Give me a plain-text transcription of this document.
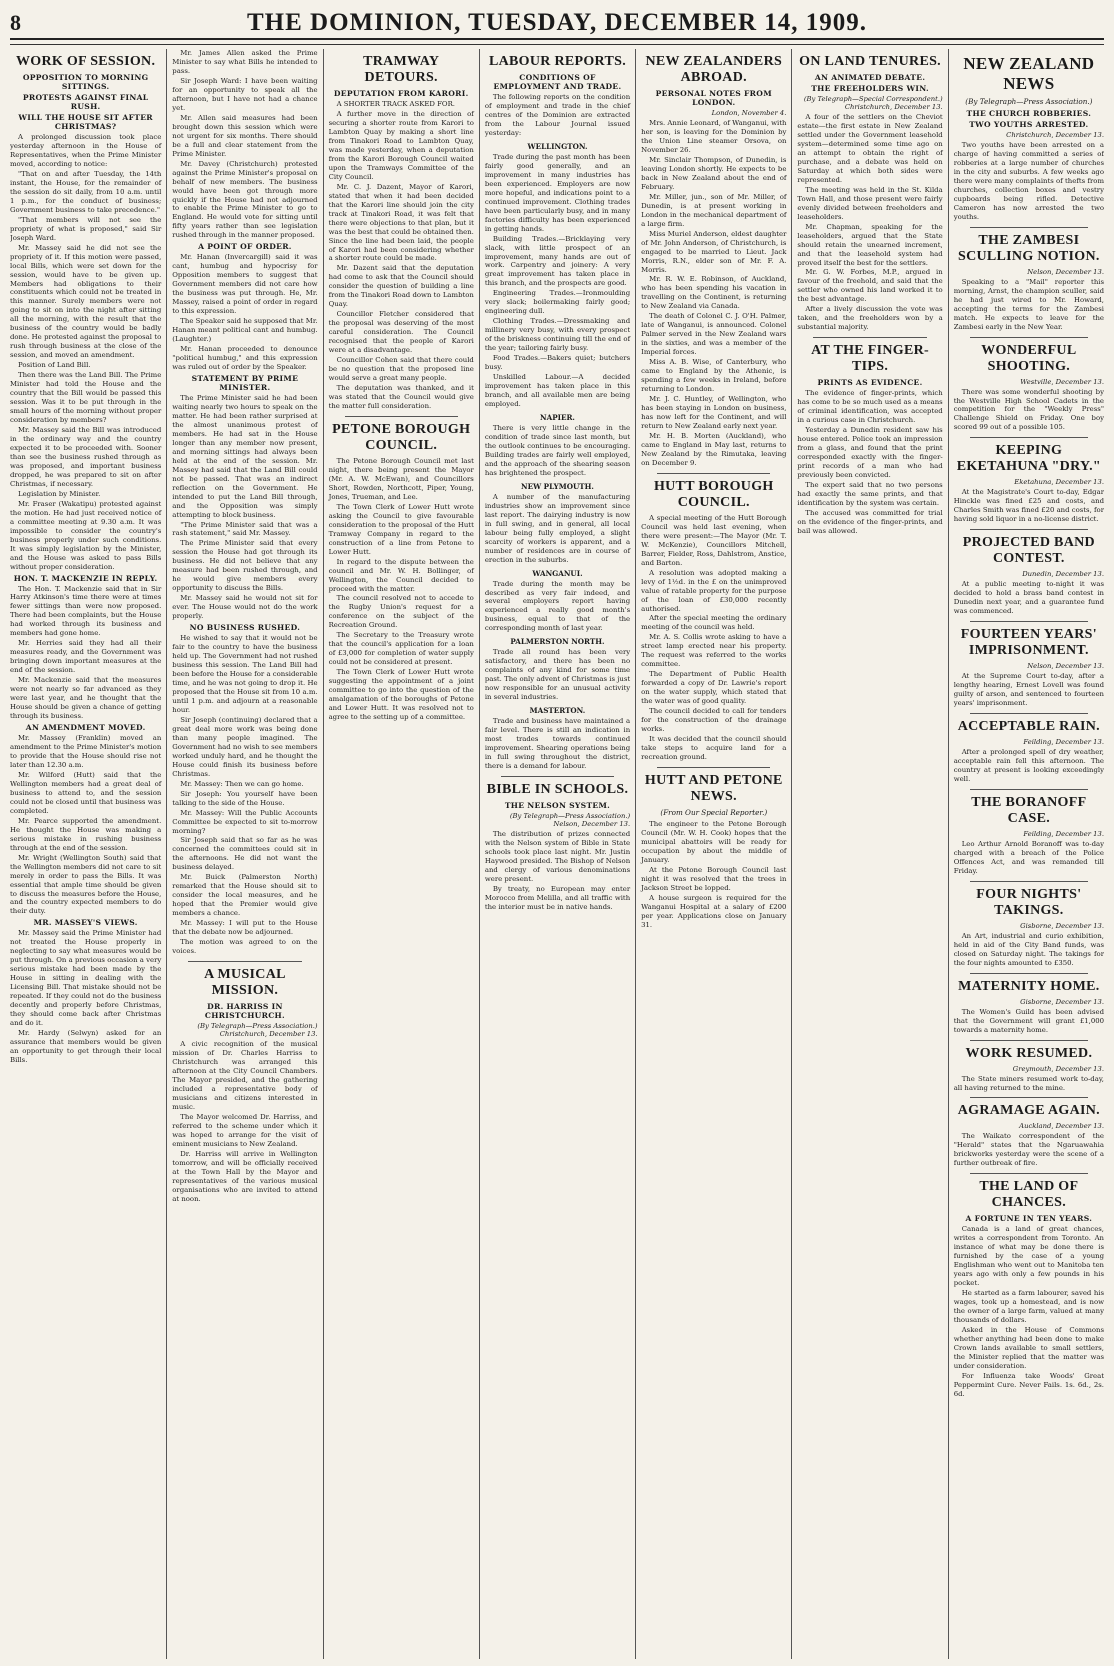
8	THE DOMINION, TUESDAY, DECEMBER 14, 1909.
WORK OF SESSION.
OPPOSITION TO MORNING SITTINGS.
PROTESTS AGAINST FINAL RUSH.
WILL THE HOUSE SIT AFTER CHRISTMAS?

A prolonged discussion took place yesterday afternoon in the House of Representatives, when the Prime Minister moved, according to notice:

"That on and after Tuesday, the 14th instant, the House, for the remainder of the session do sit daily, from 10 a.m. until 1 p.m., for the conduct of business; Government business to take precedence."

"That members will not see the propriety of what is proposed," said Sir Joseph Ward.

Mr. Massey said he did not see the propriety of it. If this motion were passed, local Bills, which were set down for the session, would have to be given up. Members had obligations to their constituents which could not be treated in this manner. Surely members were not going to sit on into the night after sitting all the morning, with the result that the business of the country would be badly done. He protested against the proposal to rush through business at the close of the session, and moved an amendment.

Position of Land Bill.

Then there was the Land Bill. The Prime Minister had told the House and the country that the Bill would be passed this session. Was it to be put through in the small hours of the morning without proper consideration by members?

Mr. Massey said the Bill was introduced in the ordinary way and the country expected it to be proceeded with. Sooner than see the business rushed through as was proposed, and important business dropped, he was prepared to sit on after Christmas, if necessary.

Legislation by Minister.

Mr. Fraser (Wakatipu) protested against the motion. He had just received notice of a committee meeting at 9.30 a.m. It was impossible to consider the country's business properly under such conditions. It was simply legislation by the Minister, and the House was asked to pass Bills without proper consideration.

HON. T. MACKENZIE IN REPLY.

The Hon. T. Mackenzie said that in Sir Harry Atkinson's time there were at times fewer sittings than were now proposed. There had been complaints, but the House had worked through its business and members had gone home.

Mr. Herries said they had all their measures ready, and the Government was bringing down important measures at the end of the session.

Mr. Mackenzie said that the measures were not nearly so far advanced as they were last year, and he thought that the House should be given a chance of getting through its business.

AN AMENDMENT MOVED.

Mr. Massey (Franklin) moved an amendment to the Prime Minister's motion to provide that the House should rise not later than 12.30 a.m.

Mr. Wilford (Hutt) said that the Wellington members had a great deal of business to attend to, and the session could not be closed until that business was completed.

Mr. Pearce supported the amendment. He thought the House was making a serious mistake in rushing business through at the end of the session.

Mr. Wright (Wellington South) said that the Wellington members did not care to sit merely in order to pass the Bills. It was essential that ample time should be given to discuss the measures before the House, and the country expected members to do their duty.

MR. MASSEY'S VIEWS.

Mr. Massey said the Prime Minister had not treated the House properly in neglecting to say what measures would be put through. On a previous occasion a very serious mistake had been made by the House in sitting in dealing with the Licensing Bill. That mistake should not be repeated. If they could not do the business decently and properly before Christmas, they should come back after Christmas and do it.

Mr. Hardy (Selwyn) asked for an assurance that members would be given an opportunity to get through their local Bills.

Mr. James Allen asked the Prime Minister to say what Bills he intended to pass.

Sir Joseph Ward: I have been waiting for an opportunity to speak all the afternoon, but I have not had a chance yet.

Mr. Allen said measures had been brought down this session which were not urgent for six months. There should be a full and clear statement from the Prime Minister.

Mr. Davey (Christchurch) protested against the Prime Minister's proposal on behalf of new members. The business would have been got through more quickly if the House had not adjourned to enable the Prime Minister to go to England. He would vote for sitting until fifty years rather than see legislation rushed through in the manner proposed.

A POINT OF ORDER.

Mr. Hanan (Invercargill) said it was cant, humbug and hypocrisy for Opposition members to suggest that Government members did not care how the business was put through. He, Mr. Massey, raised a point of order in regard to this expression.

The Speaker said he supposed that Mr. Hanan meant political cant and humbug. (Laughter.)

Mr. Hanan proceeded to denounce "political humbug," and this expression was ruled out of order by the Speaker.

STATEMENT BY PRIME MINISTER.

The Prime Minister said he had been waiting nearly two hours to speak on the matter. He had been rather surprised at the almost unanimous protest of members. He had sat in the House longer than any member now present, and morning sittings had always been held at the end of the session. Mr. Massey had said that the Land Bill could not be passed. That was an indirect reflection on the Government. He intended to put the Land Bill through, and the Opposition was simply attempting to block business.

"The Prime Minister said that was a rash statement," said Mr. Massey.

The Prime Minister said that every session the House had got through its business. He did not believe that any measure had been rushed through, and he would give members every opportunity to discuss the Bills.

Mr. Massey said he would not sit for ever. The House would not do the work properly.

NO BUSINESS RUSHED.

He wished to say that it would not be fair to the country to have the business held up. The Government had not rushed business this session. The Land Bill had been before the House for a considerable time, and he was not going to drop it. He proposed that the House sit from 10 a.m. until 1 p.m. and adjourn at a reasonable hour.

Sir Joseph (continuing) declared that a great deal more work was being done than many people imagined. The Government had no wish to see members worked unduly hard, and he thought the House could finish its business before Christmas.

Mr. Massey: Then we can go home.

Sir Joseph: You yourself have been talking to the side of the House.

Mr. Massey: Will the Public Accounts Committee be expected to sit to-morrow morning?

Sir Joseph said that so far as he was concerned the committees could sit in the afternoons. He did not want the business delayed.

Mr. Buick (Palmerston North) remarked that the House should sit to consider the local measures, and he hoped that the Premier would give members a chance.

Mr. Massey: I will put to the House that the debate now be adjourned.

The motion was agreed to on the voices.

A MUSICAL MISSION.
DR. HARRISS IN CHRISTCHURCH.
(By Telegraph—Press Association.) Christchurch, December 13.

A civic recognition of the musical mission of Dr. Charles Harriss to Christchurch was arranged this afternoon at the City Council Chambers. The Mayor presided, and the gathering included a representative body of musicians and citizens interested in music.

The Mayor welcomed Dr. Harriss, and referred to the scheme under which it was hoped to arrange for the visit of eminent musicians to New Zealand.

Dr. Harriss will arrive in Wellington tomorrow, and will be officially received at the Town Hall by the Mayor and representatives of the various musical organisations who are invited to attend at noon.

TRAMWAY DETOURS.
DEPUTATION FROM KARORI.

A SHORTER TRACK ASKED FOR.

A further move in the direction of securing a shorter route from Karori to Lambton Quay by making a short line from Tinakori Road to Lambton Quay, was made yesterday, when a deputation from the Karori Borough Council waited upon the Tramways Committee of the City Council.

Mr. C. J. Dazent, Mayor of Karori, stated that when it had been decided that the Karori line should join the city track at Tinakori Road, it was felt that there were objections to that plan, but it was the best that could be obtained then. Since the line had been laid, the people of Karori had been considering whether a shorter route could be made.

Mr. Dazent said that the deputation had come to ask that the Council should consider the question of building a line from the Tinakori Road down to Lambton Quay.

Councillor Fletcher considered that the proposal was deserving of the most careful consideration. The Council recognised that the people of Karori were at a disadvantage.

Councillor Cohen said that there could be no question that the proposed line would serve a great many people.

The deputation was thanked, and it was stated that the Council would give the matter full consideration.

PETONE BOROUGH COUNCIL.

The Petone Borough Council met last night, there being present the Mayor (Mr. A. W. McEwan), and Councillors Short, Rowden, Northcott, Piper, Young, Jones, Trueman, and Lee.

The Town Clerk of Lower Hutt wrote asking the Council to give favourable consideration to the proposal of the Hutt Tramway Company in regard to the construction of a line from Petone to Lower Hutt.

In regard to the dispute between the council and Mr. W. H. Bollinger, of Wellington, the Council decided to proceed with the matter.

The council resolved not to accede to the Rugby Union's request for a conference on the subject of the Recreation Ground.

The Secretary to the Treasury wrote that the council's application for a loan of £3,000 for completion of water supply could not be considered at present.

The Town Clerk of Lower Hutt wrote suggesting the appointment of a joint committee to go into the question of the amalgamation of the boroughs of Petone and Lower Hutt. It was resolved not to agree to the setting up of a committee.

LABOUR REPORTS.
CONDITIONS OF EMPLOYMENT AND TRADE.

The following reports on the condition of employment and trade in the chief centres of the Dominion are extracted from the Labour Journal issued yesterday:

WELLINGTON.

Trade during the past month has been fairly good generally, and an improvement in many industries has been experienced. Employers are now more hopeful, and indications point to a continued improvement. Clothing trades have been particularly busy, and in many factories difficulty has been experienced in getting hands.

Building Trades.—Bricklaying very slack, with little prospect of an improvement, many hands are out of work. Carpentry and joinery: A very great improvement has taken place in this branch, and the prospects are good.

Engineering Trades.—Ironmoulding very slack; boilermaking fairly good; engineering dull.

Clothing Trades.—Dressmaking and millinery very busy, with every prospect of the briskness continuing till the end of the year; tailoring fairly busy.

Food Trades.—Bakers quiet; butchers busy.

Unskilled Labour.—A decided improvement has taken place in this branch, and all available men are being employed.

NAPIER.

There is very little change in the condition of trade since last month, but the outlook continues to be encouraging. Building trades are fairly well employed, and the approach of the shearing season has brightened the prospect.

NEW PLYMOUTH.

A number of the manufacturing industries show an improvement since last report. The dairying industry is now in full swing, and in general, all local labour being fully employed, a slight scarcity of workers is apparent, and a number of residences are in course of erection in the suburbs.

WANGANUI.

Trade during the month may be described as very fair indeed, and several employers report having experienced a really good month's business, equal to that of the corresponding month of last year.

PALMERSTON NORTH.

Trade all round has been very satisfactory, and there has been no complaints of any kind for some time past. The only advent of Christmas is just now responsible for an unusual activity in several industries.

MASTERTON.

Trade and business have maintained a fair level. There is still an indication in most trades towards continued improvement. Shearing operations being in full swing throughout the district, there is a demand for labour.

BIBLE IN SCHOOLS.
THE NELSON SYSTEM.
(By Telegraph—Press Association.) Nelson, December 13.

The distribution of prizes connected with the Nelson system of Bible in State schools took place last night. Mr. Justin Haywood presided. The Bishop of Nelson and clergy of various denominations were present.

By treaty, no European may enter Morocco from Melilla, and all traffic with the interior must be in native hands.

NEW ZEALANDERS ABROAD.
PERSONAL NOTES FROM LONDON.
London, November 4.

Mrs. Annie Leonard, of Wanganui, with her son, is leaving for the Dominion by the Union Line steamer Orsova, on November 26.

Mr. Sinclair Thompson, of Dunedin, is leaving London shortly. He expects to be back in New Zealand about the end of February.

Mr. Miller, jun., son of Mr. Miller, of Dunedin, is at present working in London in the mechanical department of a large firm.

Miss Muriel Anderson, eldest daughter of Mr. John Anderson, of Christchurch, is engaged to be married to Lieut. Jack Morris, R.N., elder son of Mr. F. A. Morris.

Mr. R. W. E. Robinson, of Auckland, who has been spending his vacation in travelling on the Continent, is returning to New Zealand via Canada.

The death of Colonel C. J. O'H. Palmer, late of Wanganui, is announced. Colonel Palmer served in the New Zealand wars in the sixties, and was a member of the Imperial forces.

Miss A. B. Wise, of Canterbury, who came to England by the Athenic, is spending a few weeks in Ireland, before returning to London.

Mr. J. C. Huntley, of Wellington, who has been staying in London on business, has now left for the Continent, and will return to New Zealand early next year.

Mr. H. B. Morten (Auckland), who came to England in May last, returns to New Zealand by the Rimutaka, leaving on December 9.

HUTT BOROUGH COUNCIL.

A special meeting of the Hutt Borough Council was held last evening, when there were present:—The Mayor (Mr. T. W. McKenzie), Councillors Mitchell, Barrer, Fielder, Ross, Dahlstrom, Anstice, and Barton.

A resolution was adopted making a levy of 1½d. in the £ on the unimproved value of ratable property for the purpose of the loan of £30,000 recently authorised.

After the special meeting the ordinary meeting of the council was held.

Mr. A. S. Collis wrote asking to have a street lamp erected near his property. The request was referred to the works committee.

The Department of Public Health forwarded a copy of Dr. Lawrie's report on the water supply, which stated that the water was of good quality.

The council decided to call for tenders for the construction of the drainage works.

It was decided that the council should take steps to acquire land for a recreation ground.

HUTT AND PETONE NEWS.
(From Our Special Reporter.)

The engineer to the Petone Borough Council (Mr. W. H. Cook) hopes that the municipal abattoirs will be ready for occupation by about the middle of January.

At the Petone Borough Council last night it was resolved that the trees in Jackson Street be lopped.

A house surgeon is required for the Wanganui Hospital at a salary of £200 per year. Applications close on January 31.

ON LAND TENURES.
AN ANIMATED DEBATE.
THE FREEHOLDERS WIN.
(By Telegraph—Special Correspondent.) Christchurch, December 13.

A four of the settlers on the Cheviot estate—the first estate in New Zealand settled under the Government leasehold system—determined some time ago on an attempt to obtain the right of purchase, and a debate was held on Saturday at which both sides were represented.

The meeting was held in the St. Kilda Town Hall, and those present were fairly evenly divided between freeholders and leaseholders.

Mr. Chapman, speaking for the leaseholders, argued that the State should retain the unearned increment, and that the leasehold system had proved itself the best for the settlers.

Mr. G. W. Forbes, M.P., argued in favour of the freehold, and said that the settler who owned his land worked it to the best advantage.

After a lively discussion the vote was taken, and the freeholders won by a substantial majority.

AT THE FINGER-TIPS.
PRINTS AS EVIDENCE.

The evidence of finger-prints, which has come to be so much used as a means of criminal identification, was accepted in a curious case in Christchurch.

Yesterday a Dunedin resident saw his house entered. Police took an impression from a glass, and found that the print corresponded exactly with the finger-print records of a man who had previously been convicted.

The expert said that no two persons had exactly the same prints, and that identification by the system was certain.

The accused was committed for trial on the evidence of the finger-prints, and bail was allowed.

NEW ZEALAND NEWS
(By Telegraph—Press Association.)
THE CHURCH ROBBERIES.
TWO YOUTHS ARRESTED.
Christchurch, December 13.

Two youths have been arrested on a charge of having committed a series of robberies at a large number of churches in the city and suburbs. A few weeks ago there were many complaints of thefts from churches, collection boxes and vestry cupboards being rifled. Detective Cameron has now arrested the two youths.

THE ZAMBESI SCULLING NOTION.
Nelson, December 13.

Speaking to a "Mail" reporter this morning, Arnst, the champion sculler, said he had just wired to Mr. Howard, accepting the terms for the Zambesi match. He expects to leave for the Zambesi early in the New Year.

WONDERFUL SHOOTING.
Westville, December 13.

There was some wonderful shooting by the Westville High School Cadets in the competition for the "Weekly Press" Challenge Shield on Friday. One boy scored 99 out of a possible 105.

KEEPING EKETAHUNA "DRY."
Eketahuna, December 13.

At the Magistrate's Court to-day, Edgar Hinckle was fined £25 and costs, and Charles Smith was fined £20 and costs, for having sold liquor in a no-license district.

PROJECTED BAND CONTEST.
Dunedin, December 13.

At a public meeting to-night it was decided to hold a brass band contest in Dunedin next year, and a guarantee fund was commenced.

FOURTEEN YEARS' IMPRISONMENT.
Nelson, December 13.

At the Supreme Court to-day, after a lengthy hearing, Ernest Lovell was found guilty of arson, and sentenced to fourteen years' imprisonment.

ACCEPTABLE RAIN.
Feilding, December 13.

After a prolonged spell of dry weather, acceptable rain fell this afternoon. The country at present is looking exceedingly well.

THE BORANOFF CASE.
Feilding, December 13.

Leo Arthur Arnold Boranoff was to-day charged with a breach of the Police Offences Act, and was remanded till Friday.

FOUR NIGHTS' TAKINGS.
Gisborne, December 13.

An Art, industrial and curio exhibition, held in aid of the City Band funds, was closed on Saturday night. The takings for the four nights amounted to £350.

MATERNITY HOME.
Gisborne, December 13.

The Women's Guild has been advised that the Government will grant £1,000 towards a maternity home.

WORK RESUMED.
Greymouth, December 13.

The State miners resumed work to-day, all having returned to the mine.

AGRAMAGE AGAIN.
Auckland, December 13.

The Waikato correspondent of the "Herald" states that the Ngaruawahia brickworks yesterday were the scene of a further outbreak of fire.

THE LAND OF CHANCES.
A FORTUNE IN TEN YEARS.

Canada is a land of great chances, writes a correspondent from Toronto. An instance of what may be done there is furnished by the case of a young Englishman who went out to Manitoba ten years ago with only a few pounds in his pocket.

He started as a farm labourer, saved his wages, took up a homestead, and is now the owner of a large farm, valued at many thousands of dollars.

Asked in the House of Commons whether anything had been done to make Crown lands available to small settlers, the Minister replied that the matter was under consideration.

For Influenza take Woods' Great Peppermint Cure. Never Fails. 1s. 6d., 2s. 6d.
